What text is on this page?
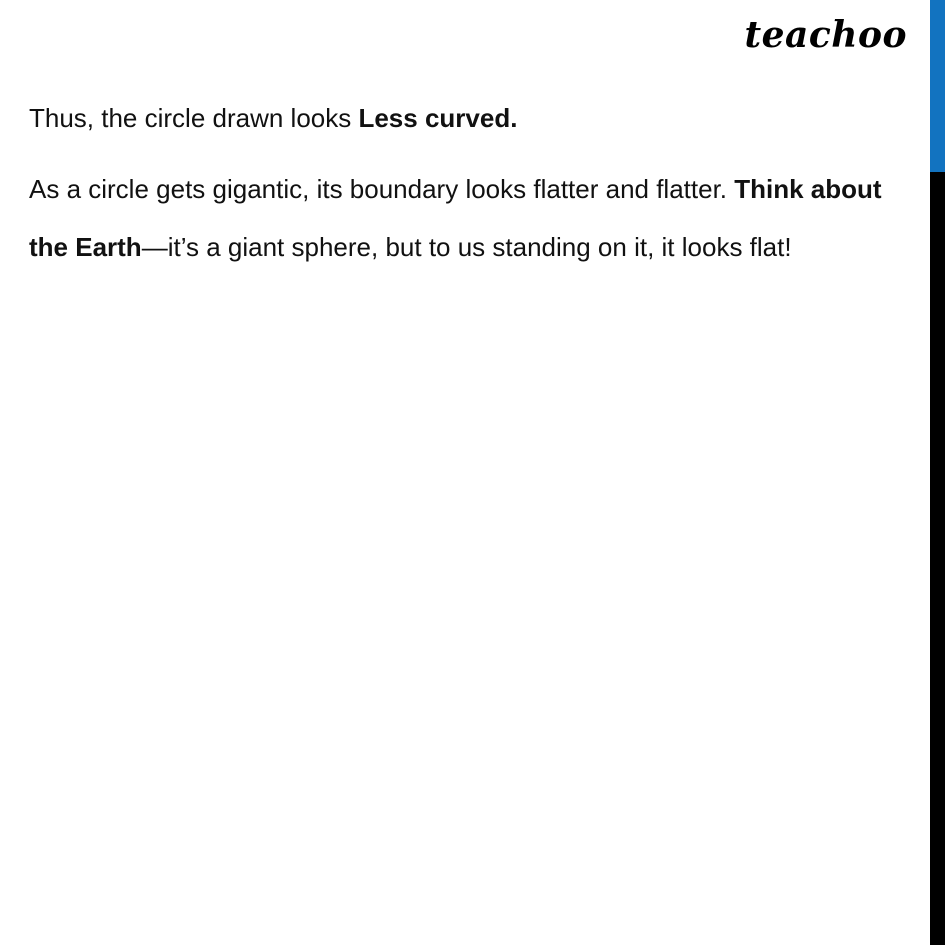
teachoo

Thus, the circle drawn looks Less curved.

As a circle gets gigantic, its boundary looks flatter and flatter. Think about the Earth—it’s a giant sphere, but to us standing on it, it looks flat!
